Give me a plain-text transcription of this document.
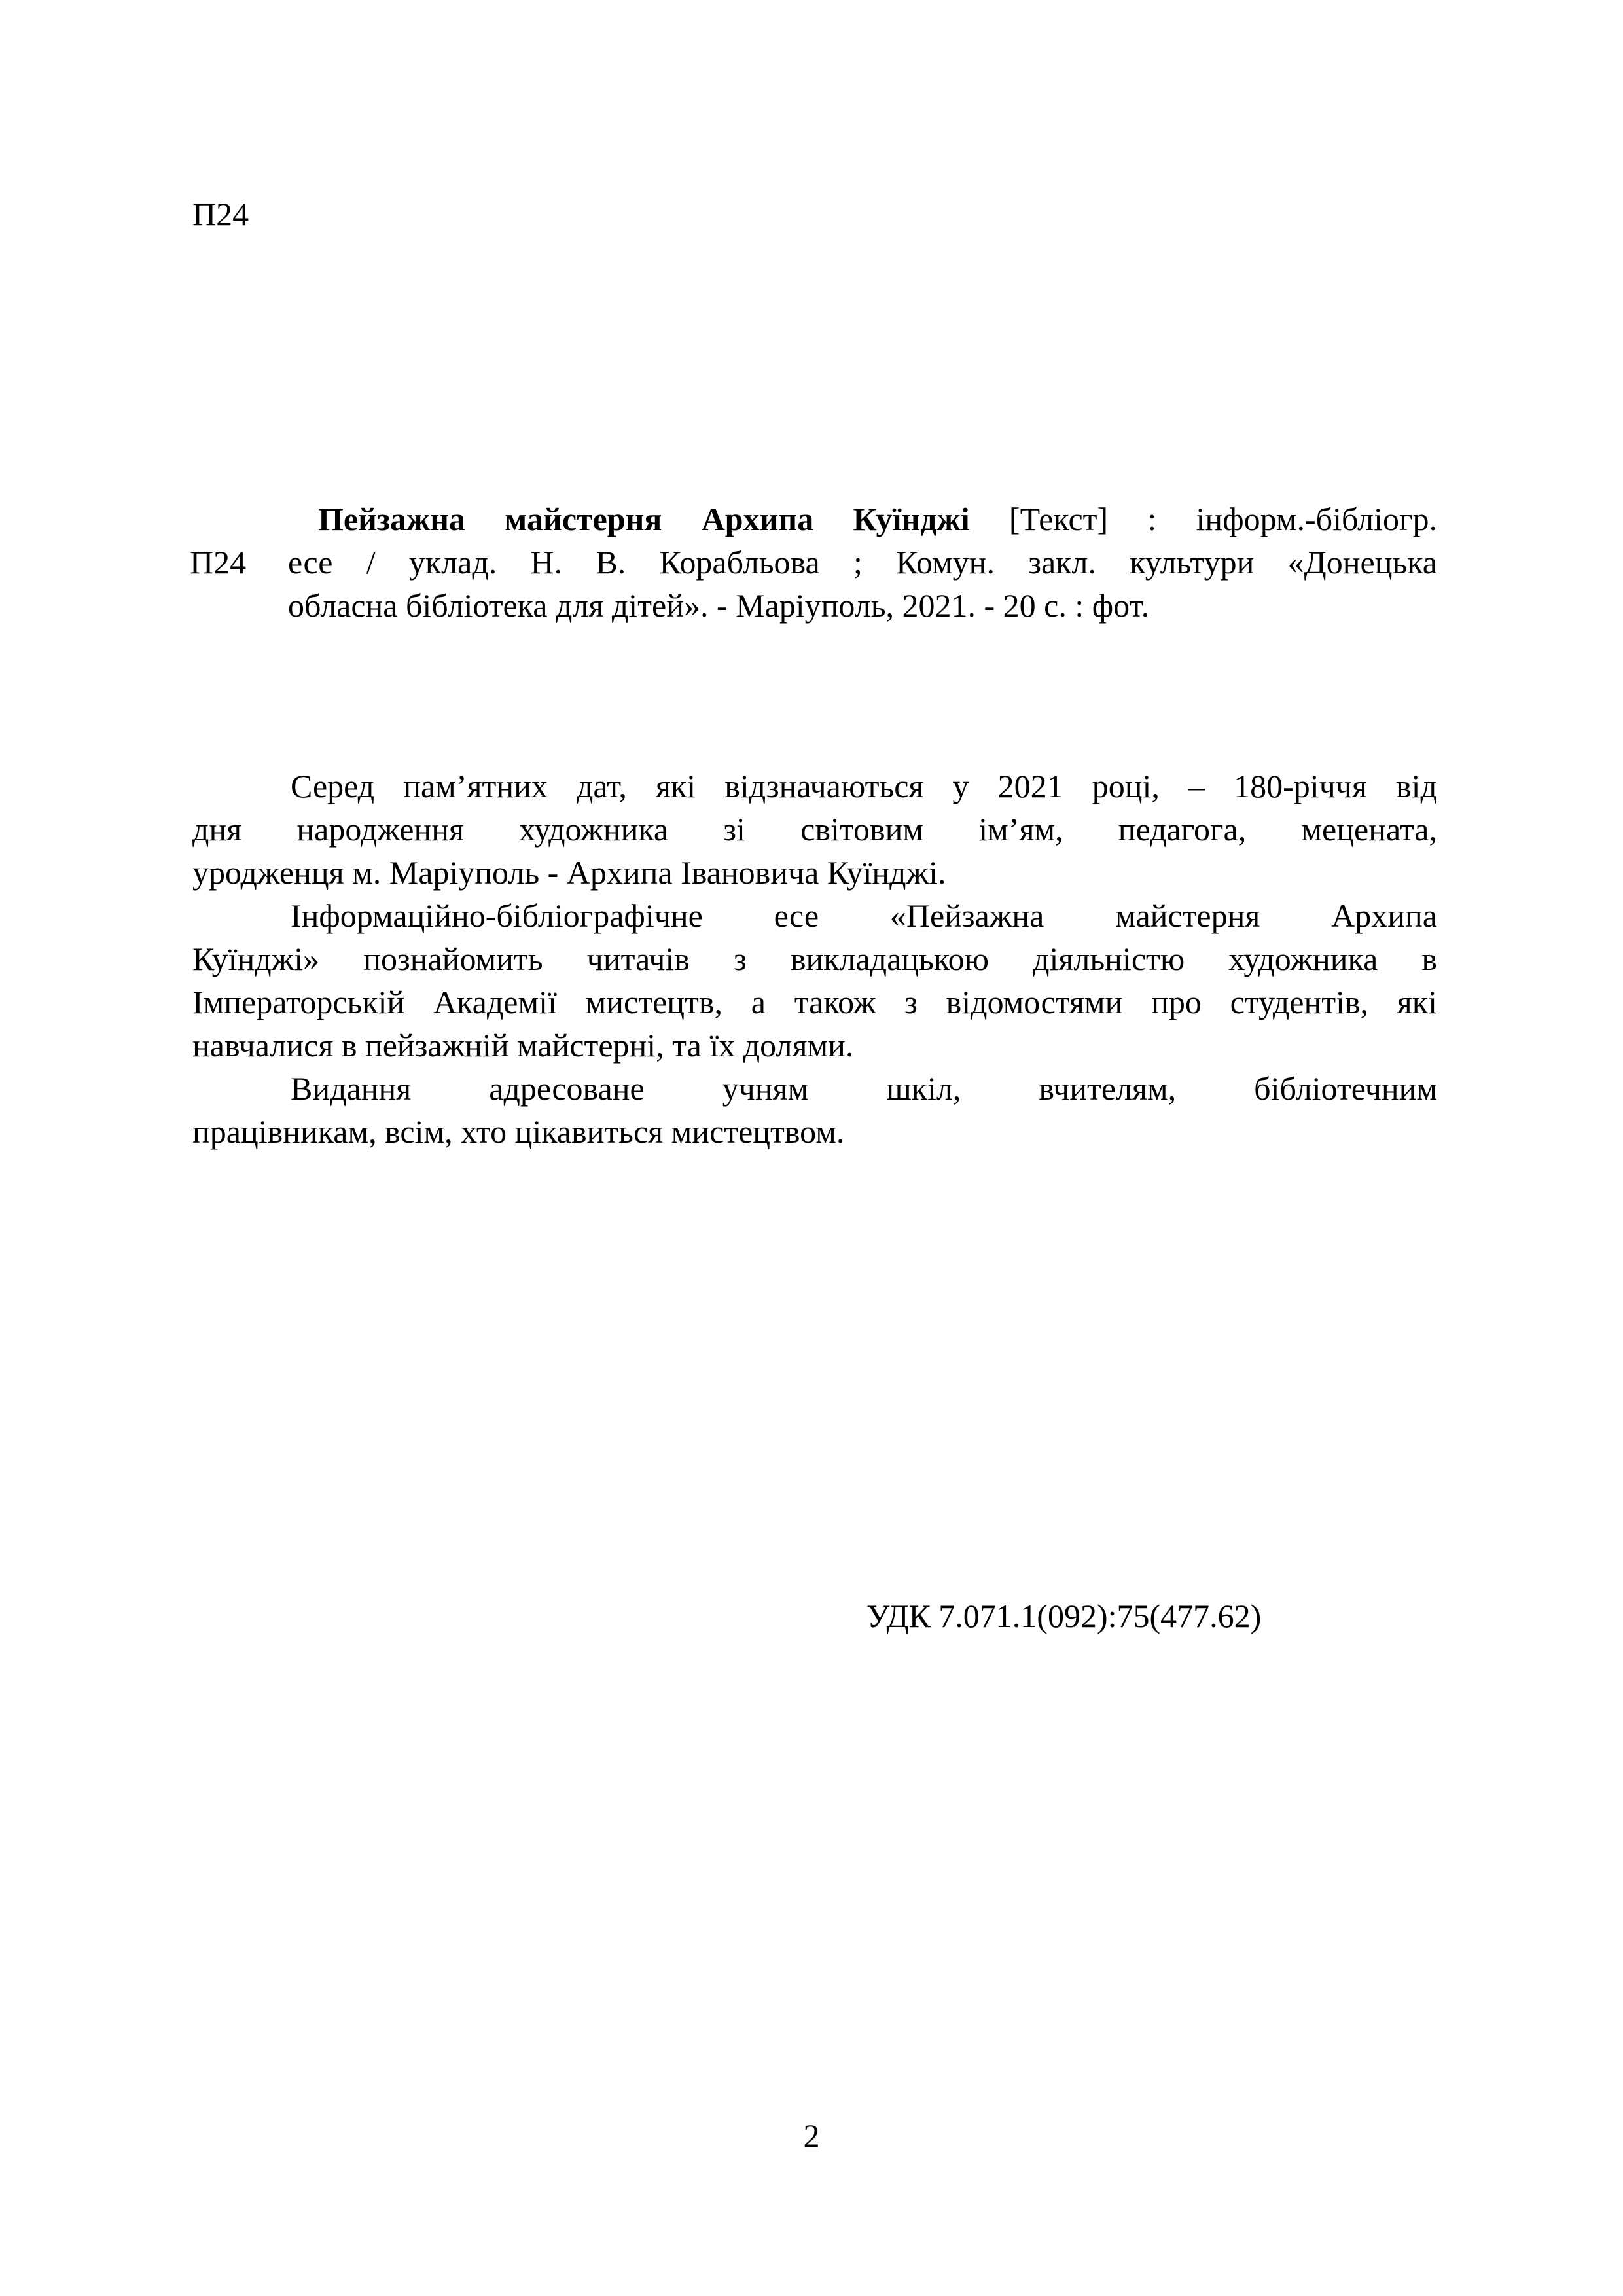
П24
Пейзажна майстерня Архипа Куїнджі [Текст] : інформ.-бібліогр.
есе / уклад. Н. В. Корабльова ; Комун. закл. культури «Донецька
обласна бібліотека для дітей». - Маріуполь, 2021. - 20 с. : фот.
П24
Серед пам’ятних дат, які відзначаються у 2021 році, – 180-річчя від
дня народження художника зі світовим ім’ям, педагога, мецената,
уродженця м. Маріуполь - Архипа Івановича Куїнджі.
Інформаційно-бібліографічне есе «Пейзажна майстерня Архипа
Куїнджі» познайомить читачів з викладацькою діяльністю художника в
Імператорській Академії мистецтв, а також з відомостями про студентів, які
навчалися в пейзажній майстерні, та їх долями.
Видання адресоване учням шкіл, вчителям, бібліотечним
працівникам, всім, хто цікавиться мистецтвом.
УДК 7.071.1(092):75(477.62)
2
